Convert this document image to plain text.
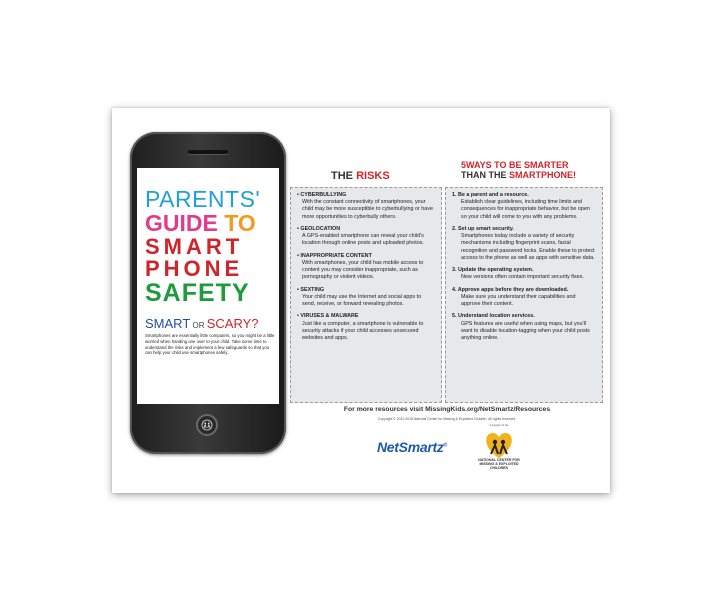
PARENTS'
GUIDE TO
SMART
PHONE
SAFETY
SMART OR SCARY?
Smartphones are essentially little computers, so you might be a little worried when handing one over to your child. Take some time to understand the risks and implement a few safeguards so that you can help your child use smartphones safely.
THE RISKS
5WAYS TO BE SMARTER
THAN THE SMARTPHONE!
• CYBERBULLYING
With the constant connectivity of smartphones, your child may be more susceptible to cyberbullying or have more opportunities to cyberbully others.
• GEOLOCATION
A GPS-enabled smartphone can reveal your child's location through online posts and uploaded photos.
• INAPPROPRIATE CONTENT
With smartphones, your child has mobile access to content you may consider inappropriate, such as pornography or violent videos.
• SEXTING
Your child may use the Internet and social apps to send, receive, or forward revealing photos.
• VIRUSES & MALWARE
Just like a computer, a smartphone is vulnerable to security attacks if your child accesses unsecured websites and apps.
1. Be a parent and a resource.
Establish clear guidelines, including time limits and consequences for inappropriate behavior, but be open so your child will come to you with any problems.
2. Set up smart security.
Smartphones today include a variety of security mechanisms including fingerprint scans, facial recognition and password locks. Enable these to protect access to the phone as well as apps with sensitive data.
3. Update the operating system.
New versions often contain important security fixes.
4. Approve apps before they are downloaded.
Make sure you understand their capabilities and approve their content.
5. Understand location services.
GPS features are useful when using maps, but you'll want to disable location-tagging when your child posts anything online.
For more resources visit MissingKids.org/NetSmartz/Resources
Copyright © 2012-2018 National Center for Missing & Exploited Children. All rights reserved.
NetSmartz®
A program of the
NATIONAL CENTER FOR MISSING & EXPLOITED CHILDREN
